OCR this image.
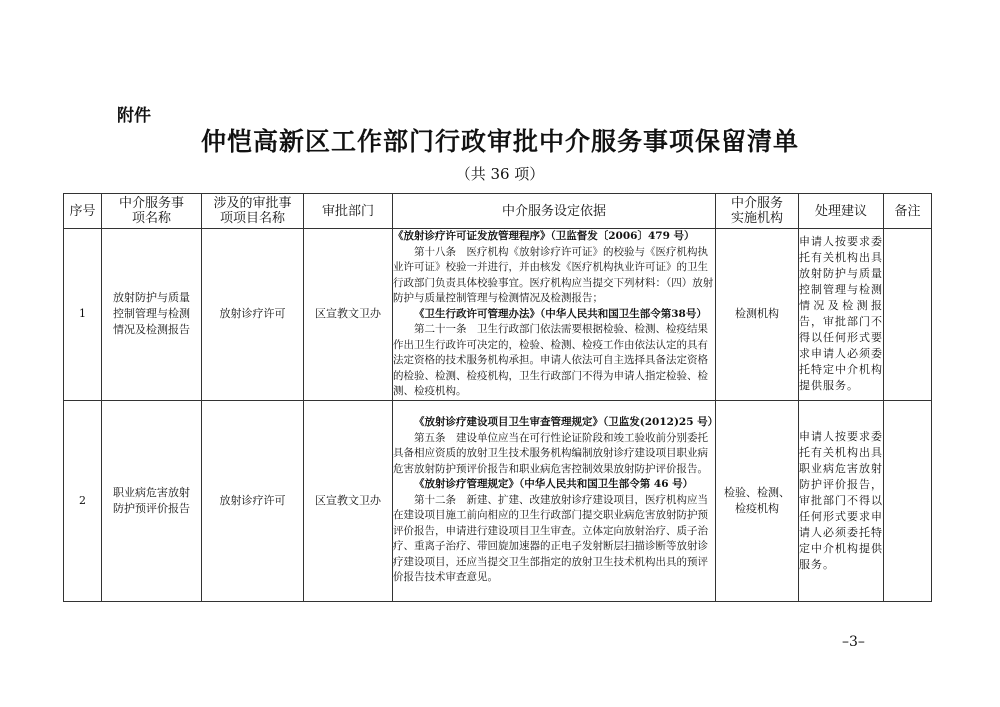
附件
仲恺高新区工作部门行政审批中介服务事项保留清单
（共 36 项）
序号	中介服务事项名称	涉及的审批事项项目名称	审批部门	中介服务设定依据	中介服务实施机构	处理建议	备注
1	放射防护与质量控制管理与检测情况及检测报告	放射诊疗许可	区宣教文卫办	《放射诊疗许可证发放管理程序》（卫监督发〔2006〕479 号）
第十八条　医疗机构《放射诊疗许可证》的校验与《医疗机构执业许可证》校验一并进行，并由核发《医疗机构执业许可证》的卫生行政部门负责具体校验事宜。医疗机构应当提交下列材料：（四）放射防护与质量控制管理与检测情况及检测报告；
《卫生行政许可管理办法》（中华人民共和国卫生部令第38号）
第二十一条　卫生行政部门依法需要根据检验、检测、检疫结果作出卫生行政许可决定的，检验、检测、检疫工作由依法认定的具有法定资格的技术服务机构承担。申请人依法可自主选择具备法定资格的检验、检测、检疫机构，卫生行政部门不得为申请人指定检验、检测、检疫机构。	检测机构	申请人按要求委托有关机构出具放射防护与质量控制管理与检测情况及检测报告，审批部门不得以任何形式要求申请人必须委托特定中介机构提供服务。	
2	职业病危害放射防护预评价报告	放射诊疗许可	区宣教文卫办	《放射诊疗建设项目卫生审查管理规定》（卫监发(2012)25 号）
第五条　建设单位应当在可行性论证阶段和竣工验收前分别委托具备相应资质的放射卫生技术服务机构编制放射诊疗建设项目职业病危害放射防护预评价报告和职业病危害控制效果放射防护评价报告。
《放射诊疗管理规定》（中华人民共和国卫生部令第 46 号）
第十二条　新建、扩建、改建放射诊疗建设项目，医疗机构应当在建设项目施工前向相应的卫生行政部门提交职业病危害放射防护预评价报告，申请进行建设项目卫生审查。立体定向放射治疗、质子治疗、重离子治疗、带回旋加速器的正电子发射断层扫描诊断等放射诊疗建设项目，还应当提交卫生部指定的放射卫生技术机构出具的预评价报告技术审查意见。	检验、检测、检疫机构	申请人按要求委托有关机构出具职业病危害放射防护评价报告，审批部门不得以任何形式要求申请人必须委托特定中介机构提供服务。	
–3–
